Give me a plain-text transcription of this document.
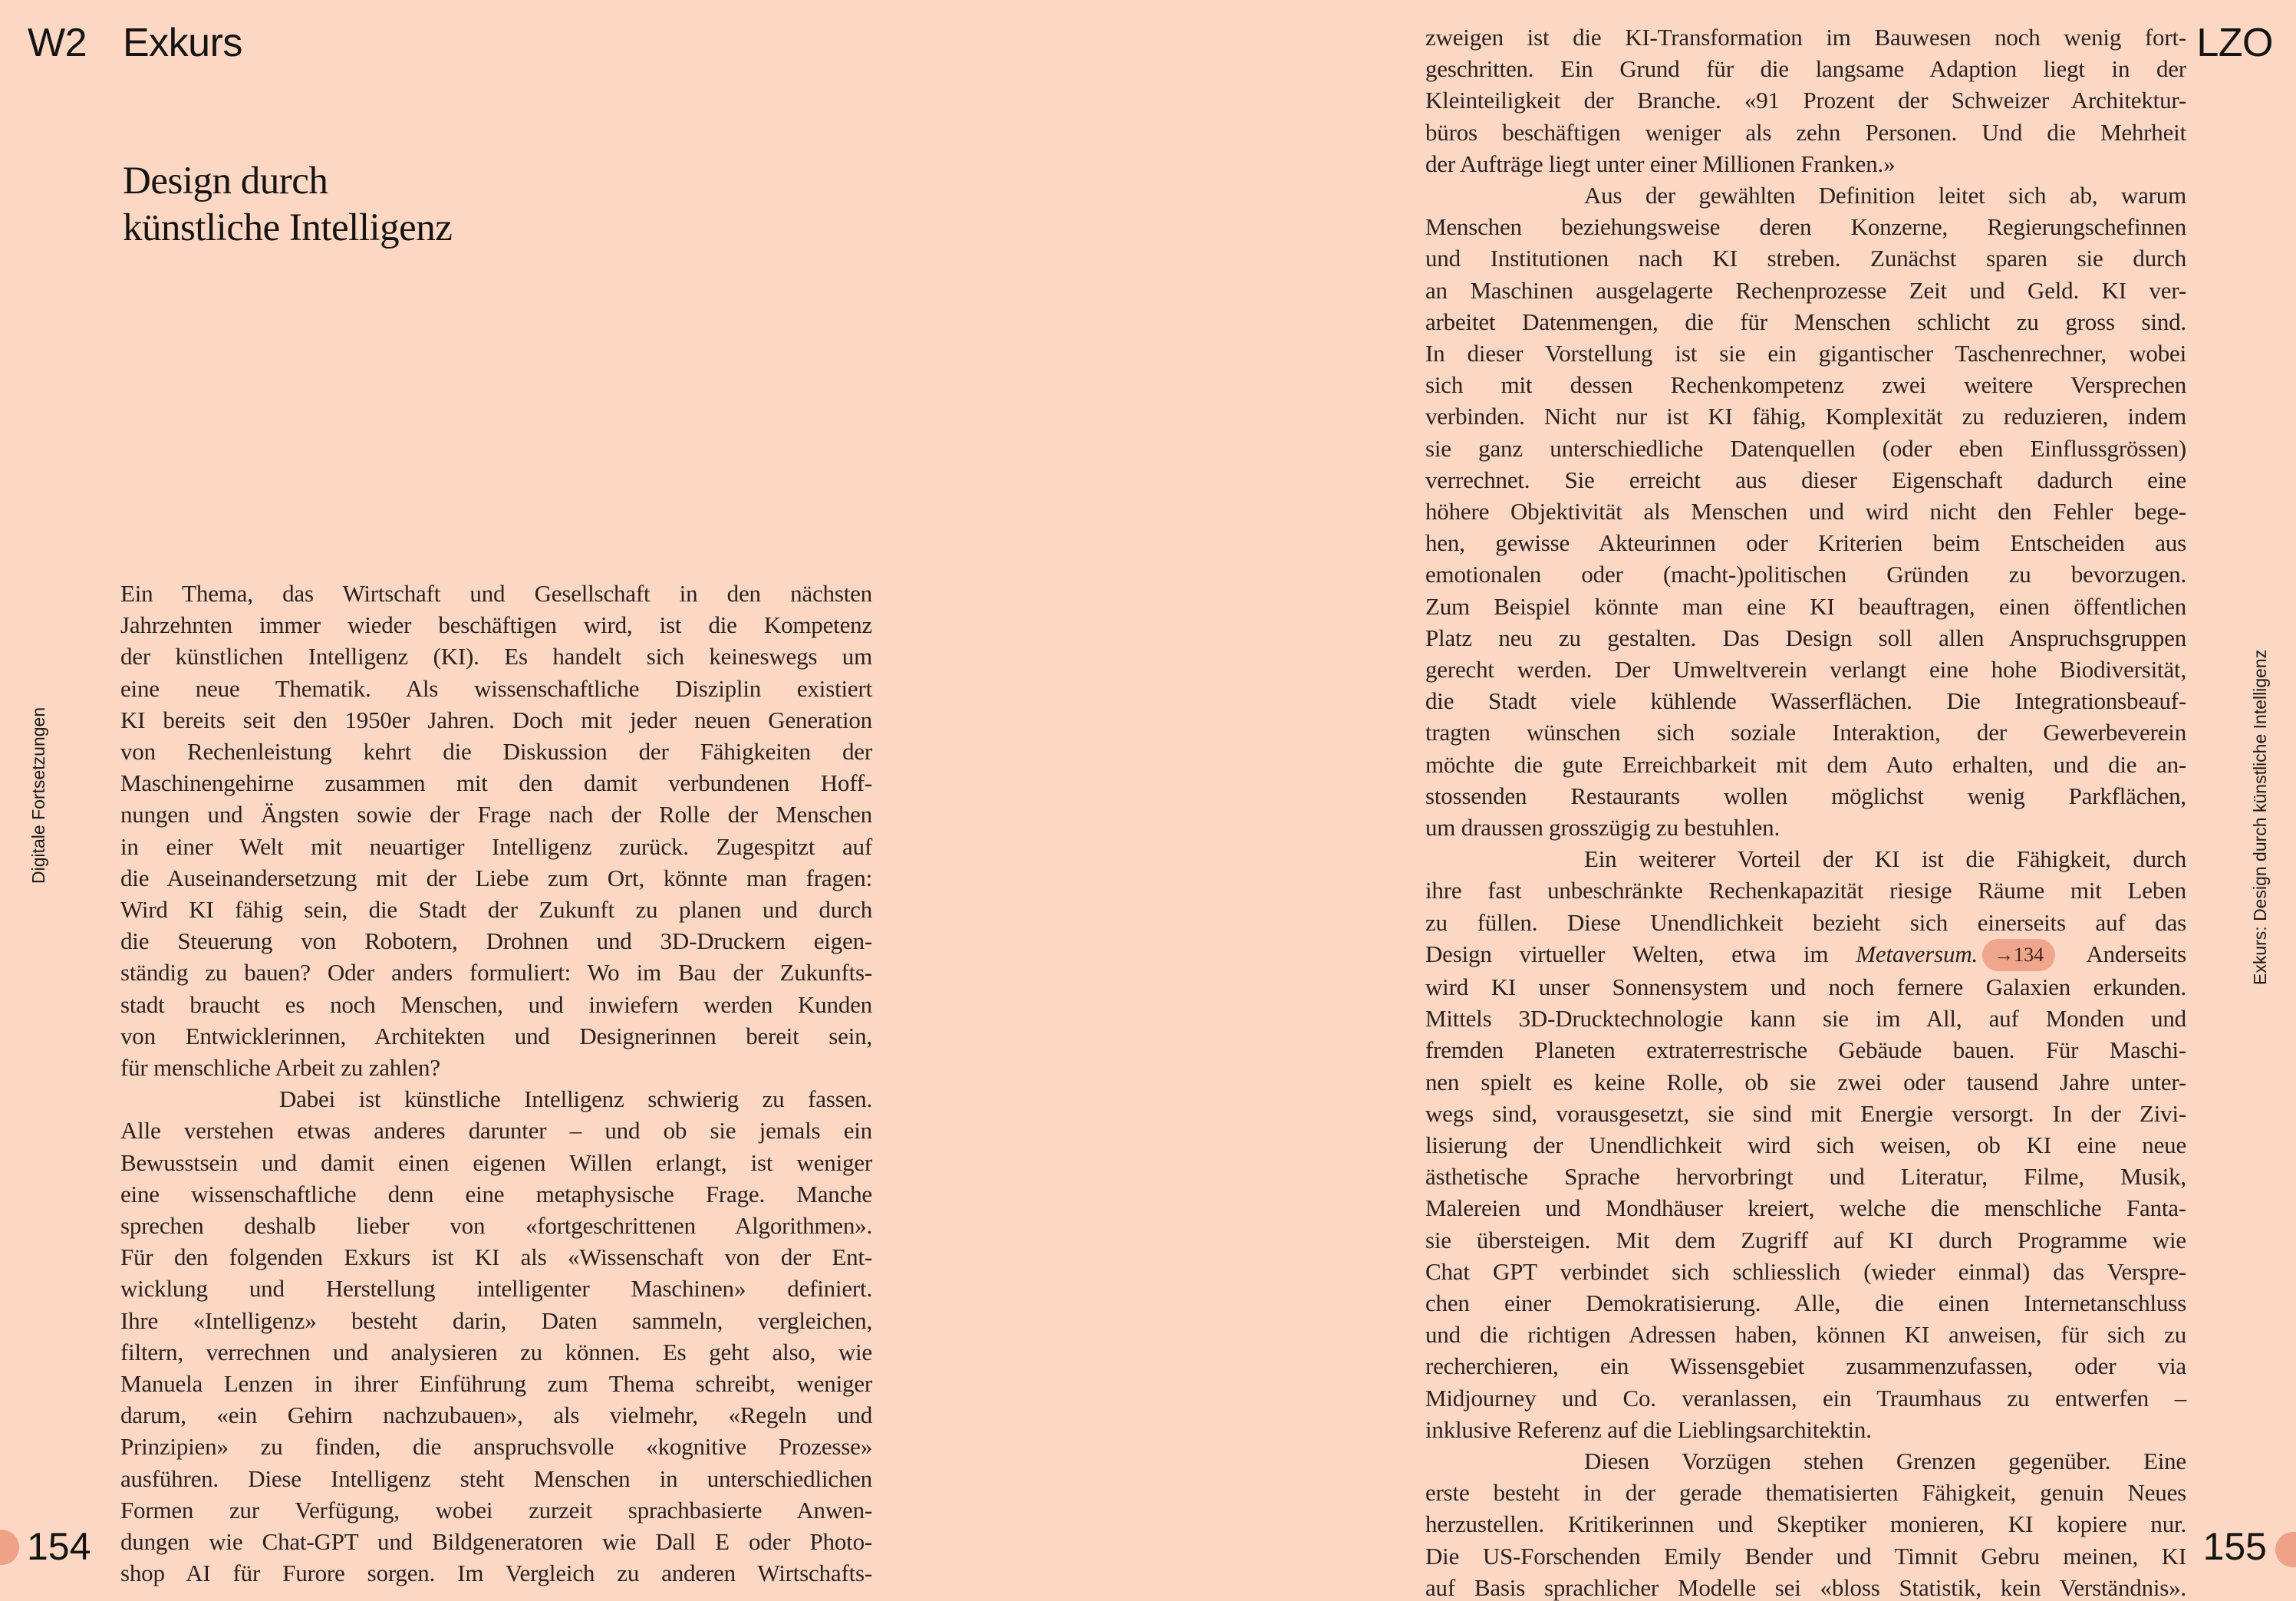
W2 Exkurs	LZO
Design durch
künstliche Intelligenz
Digitale Fortsetzungen	Exkurs: Design durch künstliche Intelligenz
Ein Thema, das Wirtschaft und Gesellschaft in den nächsten
Jahrzehnten immer wieder beschäftigen wird, ist die Kompetenz
der künstlichen Intelligenz (KI). Es handelt sich keineswegs um
eine neue Thematik. Als wissenschaftliche Disziplin existiert
KI bereits seit den 1950er Jahren. Doch mit jeder neuen Generation
von Rechenleistung kehrt die Diskussion der Fähigkeiten der
Maschinengehirne zusammen mit den damit verbundenen Hoff-
nungen und Ängsten sowie der Frage nach der Rolle der Menschen
in einer Welt mit neuartiger Intelligenz zurück. Zugespitzt auf
die Auseinandersetzung mit der Liebe zum Ort, könnte man fragen:
Wird KI fähig sein, die Stadt der Zukunft zu planen und durch
die Steuerung von Robotern, Drohnen und 3D-Druckern eigen-
ständig zu bauen? Oder anders formuliert: Wo im Bau der Zukunfts-
stadt braucht es noch Menschen, und inwiefern werden Kunden
von Entwicklerinnen, Architekten und Designerinnen bereit sein,
für menschliche Arbeit zu zahlen?
Dabei ist künstliche Intelligenz schwierig zu fassen.
Alle verstehen etwas anderes darunter – und ob sie jemals ein
Bewusstsein und damit einen eigenen Willen erlangt, ist weniger
eine wissenschaftliche denn eine metaphysische Frage. Manche
sprechen deshalb lieber von «fortgeschrittenen Algorithmen».
Für den folgenden Exkurs ist KI als «Wissenschaft von der Ent-
wicklung und Herstellung intelligenter Maschinen» definiert.
Ihre «Intelligenz» besteht darin, Daten sammeln, vergleichen,
filtern, verrechnen und analysieren zu können. Es geht also, wie
Manuela Lenzen in ihrer Einführung zum Thema schreibt, weniger
darum, «ein Gehirn nachzubauen», als vielmehr, «Regeln und
Prinzipien» zu finden, die anspruchsvolle «kognitive Prozesse»
ausführen. Diese Intelligenz steht Menschen in unterschiedlichen
Formen zur Verfügung, wobei zurzeit sprachbasierte Anwen-
dungen wie Chat-GPT und Bildgeneratoren wie Dall E oder Photo-
shop AI für Furore sorgen. Im Vergleich zu anderen Wirtschafts-
zweigen ist die KI-Transformation im Bauwesen noch wenig fort-
geschritten. Ein Grund für die langsame Adaption liegt in der
Kleinteiligkeit der Branche. «91 Prozent der Schweizer Architektur-
büros beschäftigen weniger als zehn Personen. Und die Mehrheit
der Aufträge liegt unter einer Millionen Franken.»
Aus der gewählten Definition leitet sich ab, warum
Menschen beziehungsweise deren Konzerne, Regierungschefinnen
und Institutionen nach KI streben. Zunächst sparen sie durch
an Maschinen ausgelagerte Rechenprozesse Zeit und Geld. KI ver-
arbeitet Datenmengen, die für Menschen schlicht zu gross sind.
In dieser Vorstellung ist sie ein gigantischer Taschenrechner, wobei
sich mit dessen Rechenkompetenz zwei weitere Versprechen
verbinden. Nicht nur ist KI fähig, Komplexität zu reduzieren, indem
sie ganz unterschiedliche Datenquellen (oder eben Einflussgrössen)
verrechnet. Sie erreicht aus dieser Eigenschaft dadurch eine
höhere Objektivität als Menschen und wird nicht den Fehler bege-
hen, gewisse Akteurinnen oder Kriterien beim Entscheiden aus
emotionalen oder (macht-)politischen Gründen zu bevorzugen.
Zum Beispiel könnte man eine KI beauftragen, einen öffentlichen
Platz neu zu gestalten. Das Design soll allen Anspruchsgruppen
gerecht werden. Der Umweltverein verlangt eine hohe Biodiversität,
die Stadt viele kühlende Wasserflächen. Die Integrationsbeauf-
tragten wünschen sich soziale Interaktion, der Gewerbeverein
möchte die gute Erreichbarkeit mit dem Auto erhalten, und die an-
stossenden Restaurants wollen möglichst wenig Parkflächen,
um draussen grosszügig zu bestuhlen.
Ein weiterer Vorteil der KI ist die Fähigkeit, durch
ihre fast unbeschränkte Rechenkapazität riesige Räume mit Leben
zu füllen. Diese Unendlichkeit bezieht sich einerseits auf das
Design virtueller Welten, etwa im Metaversum. →134 Anderseits
wird KI unser Sonnensystem und noch fernere Galaxien erkunden.
Mittels 3D-Drucktechnologie kann sie im All, auf Monden und
fremden Planeten extraterrestrische Gebäude bauen. Für Maschi-
nen spielt es keine Rolle, ob sie zwei oder tausend Jahre unter-
wegs sind, vorausgesetzt, sie sind mit Energie versorgt. In der Zivi-
lisierung der Unendlichkeit wird sich weisen, ob KI eine neue
ästhetische Sprache hervorbringt und Literatur, Filme, Musik,
Malereien und Mondhäuser kreiert, welche die menschliche Fanta-
sie übersteigen. Mit dem Zugriff auf KI durch Programme wie
Chat GPT verbindet sich schliesslich (wieder einmal) das Verspre-
chen einer Demokratisierung. Alle, die einen Internetanschluss
und die richtigen Adressen haben, können KI anweisen, für sich zu
recherchieren, ein Wissensgebiet zusammenzufassen, oder via
Midjourney und Co. veranlassen, ein Traumhaus zu entwerfen –
inklusive Referenz auf die Lieblingsarchitektin.
Diesen Vorzügen stehen Grenzen gegenüber. Eine
erste besteht in der gerade thematisierten Fähigkeit, genuin Neues
herzustellen. Kritikerinnen und Skeptiker monieren, KI kopiere nur.
Die US-Forschenden Emily Bender und Timnit Gebru meinen, KI
auf Basis sprachlicher Modelle sei «bloss Statistik, kein Verständnis».
154	155
